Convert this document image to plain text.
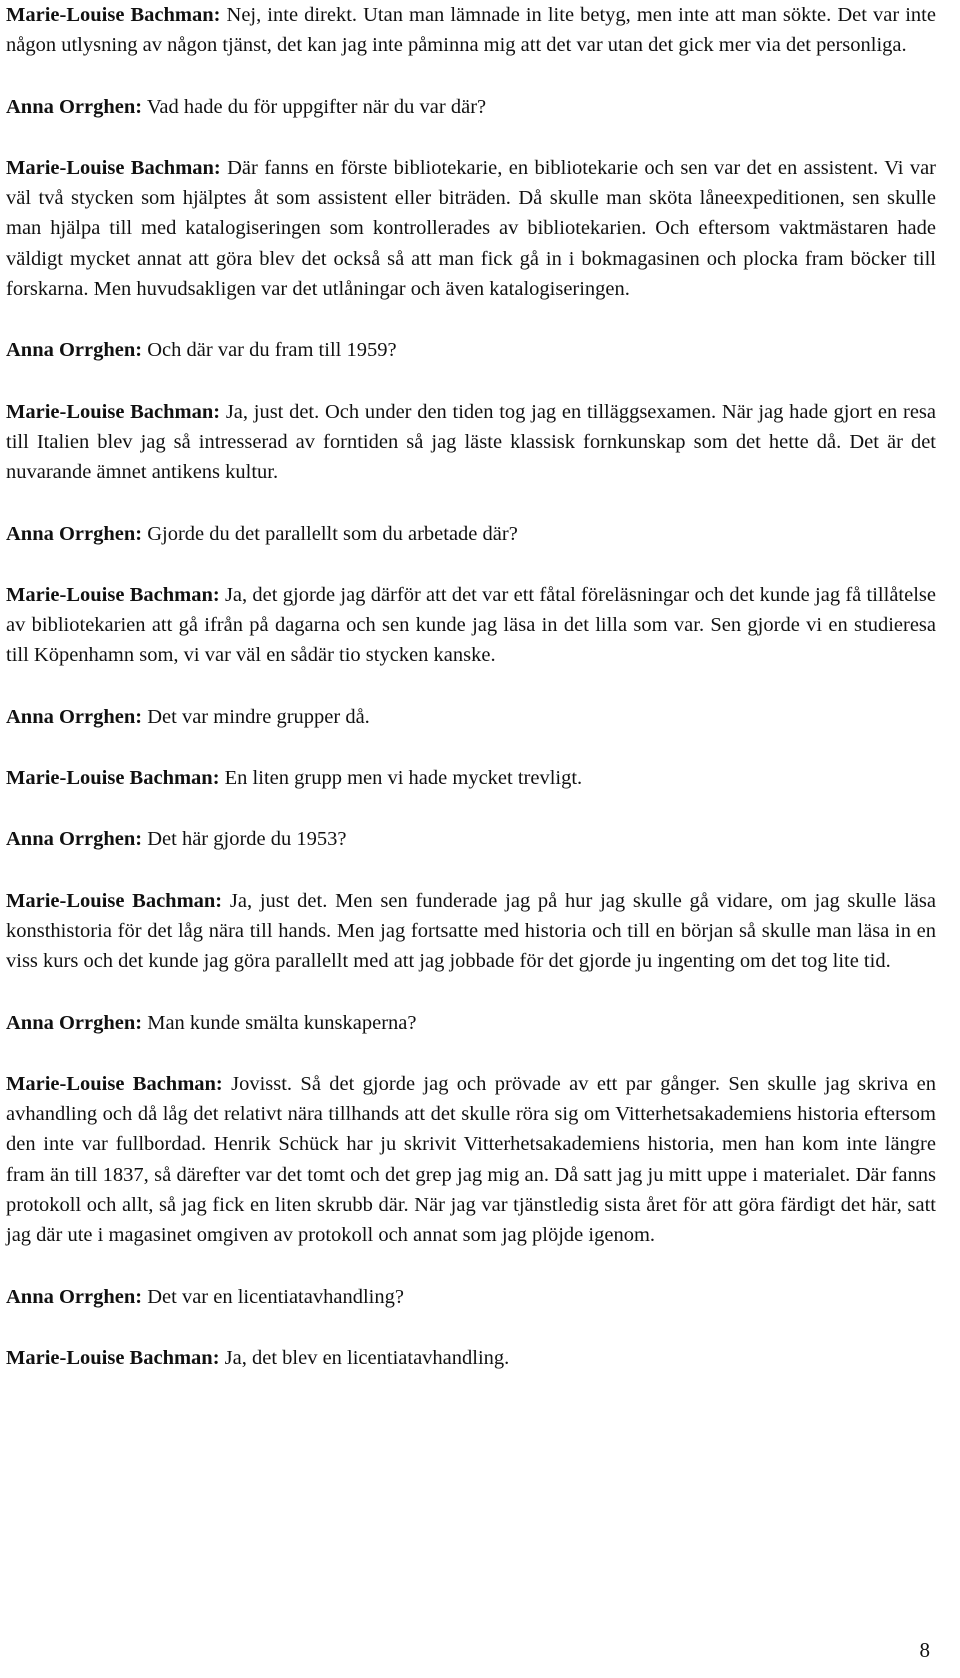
Marie-Louise Bachman: Nej, inte direkt. Utan man lämnade in lite betyg, men inte att man sökte. Det var inte någon utlysning av någon tjänst, det kan jag inte påminna mig att det var utan det gick mer via det personliga.

Anna Orrghen: Vad hade du för uppgifter när du var där?

Marie-Louise Bachman: Där fanns en förste bibliotekarie, en bibliotekarie och sen var det en assistent. Vi var väl två stycken som hjälptes åt som assistent eller biträden. Då skulle man sköta låneexpeditionen, sen skulle man hjälpa till med katalogiseringen som kontrollerades av bibliotekarien. Och eftersom vaktmästaren hade väldigt mycket annat att göra blev det också så att man fick gå in i bokmagasinen och plocka fram böcker till forskarna. Men huvudsakligen var det utlåningar och även katalogiseringen.

Anna Orrghen: Och där var du fram till 1959?

Marie-Louise Bachman: Ja, just det. Och under den tiden tog jag en tilläggsexamen. När jag hade gjort en resa till Italien blev jag så intresserad av forntiden så jag läste klassisk fornkunskap som det hette då. Det är det nuvarande ämnet antikens kultur.

Anna Orrghen: Gjorde du det parallellt som du arbetade där?

Marie-Louise Bachman: Ja, det gjorde jag därför att det var ett fåtal föreläsningar och det kunde jag få tillåtelse av bibliotekarien att gå ifrån på dagarna och sen kunde jag läsa in det lilla som var. Sen gjorde vi en studieresa till Köpenhamn som, vi var väl en sådär tio stycken kanske.

Anna Orrghen: Det var mindre grupper då.

Marie-Louise Bachman: En liten grupp men vi hade mycket trevligt.

Anna Orrghen: Det här gjorde du 1953?

Marie-Louise Bachman: Ja, just det. Men sen funderade jag på hur jag skulle gå vidare, om jag skulle läsa konsthistoria för det låg nära till hands. Men jag fortsatte med historia och till en början så skulle man läsa in en viss kurs och det kunde jag göra parallellt med att jag jobbade för det gjorde ju ingenting om det tog lite tid.

Anna Orrghen: Man kunde smälta kunskaperna?

Marie-Louise Bachman: Jovisst. Så det gjorde jag och prövade av ett par gånger. Sen skulle jag skriva en avhandling och då låg det relativt nära tillhands att det skulle röra sig om Vitterhetsakademiens historia eftersom den inte var fullbordad. Henrik Schück har ju skrivit Vitterhetsakademiens historia, men han kom inte längre fram än till 1837, så därefter var det tomt och det grep jag mig an. Då satt jag ju mitt uppe i materialet. Där fanns protokoll och allt, så jag fick en liten skrubb där. När jag var tjänstledig sista året för att göra färdigt det här, satt jag där ute i magasinet omgiven av protokoll och annat som jag plöjde igenom.

Anna Orrghen: Det var en licentiatavhandling?

Marie-Louise Bachman: Ja, det blev en licentiatavhandling.

8
